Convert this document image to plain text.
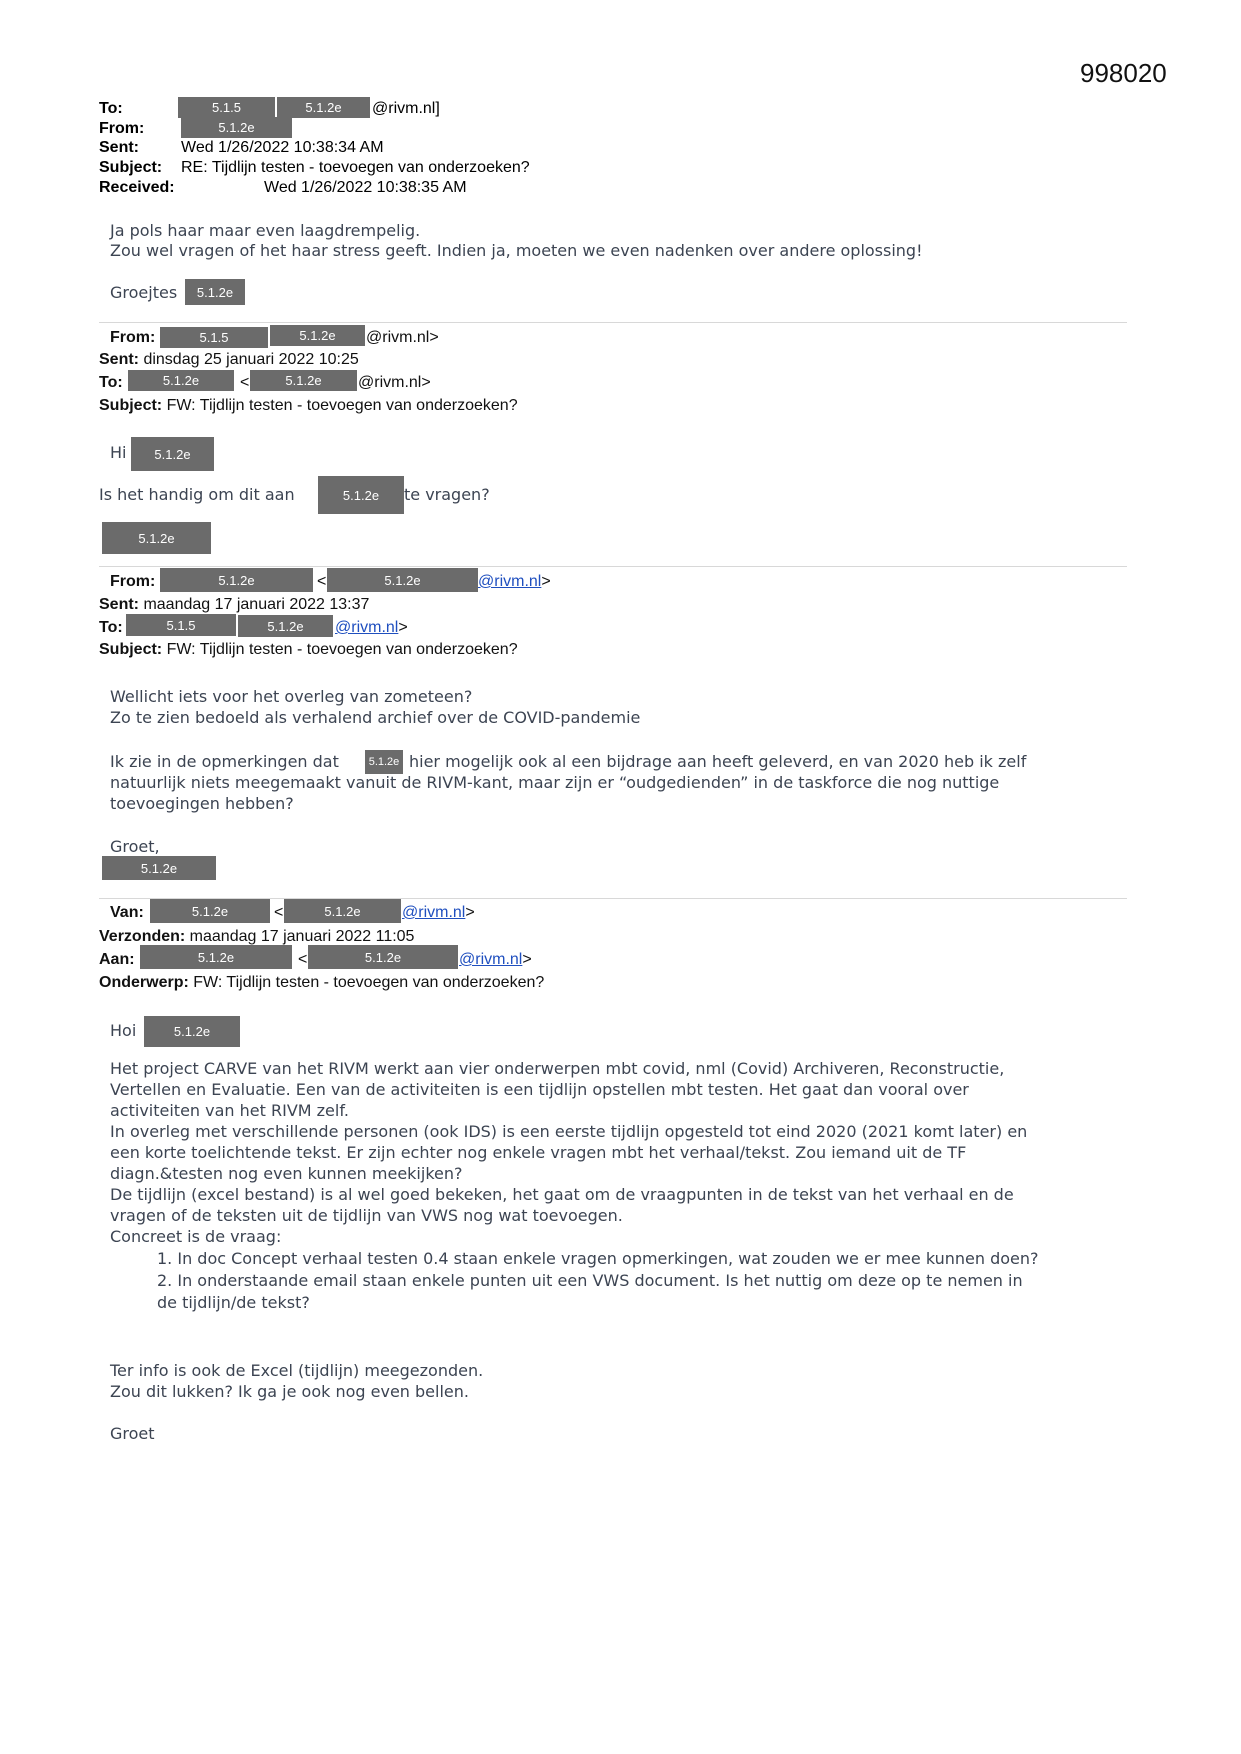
998020
To:	5.1.5	5.1.2e	@rivm.nl]
From:	5.1.2e
Sent:	Wed 1/26/2022 10:38:34 AM
Subject: RE: Tijdlijn testen - toevoegen van onderzoeken?
Received:	Wed 1/26/2022 10:38:35 AM
Ja pols haar maar even laagdrempelig.
Zou wel vragen of het haar stress geeft. Indien ja, moeten we even nadenken over andere oplossing!
Groejtes	5.1.2e
From:	5.1.5	5.1.2e	@rivm.nl>
Sent: dinsdag 25 januari 2022 10:25
To:	5.1.2e	<	5.1.2e	@rivm.nl>
Subject: FW: Tijdlijn testen - toevoegen van onderzoeken?
Hi	5.1.2e
Is het handig om dit aan	5.1.2e	te vragen?
5.1.2e
From:	5.1.2e	<	5.1.2e	@rivm.nl>
Sent: maandag 17 januari 2022 13:37
To:	5.1.5	5.1.2e	@rivm.nl>
Subject: FW: Tijdlijn testen - toevoegen van onderzoeken?
Wellicht iets voor het overleg van zometeen?
Zo te zien bedoeld als verhalend archief over de COVID-pandemie
Ik zie in de opmerkingen dat	5.1.2e hier mogelijk ook al een bijdrage aan heeft geleverd, en van 2020 heb ik zelf
natuurlijk niets meegemaakt vanuit de RIVM-kant, maar zijn er “oudgedienden” in de taskforce die nog nuttige
toevoegingen hebben?
Groet,
5.1.2e
Van:	5.1.2e	<	5.1.2e	@rivm.nl>
Verzonden: maandag 17 januari 2022 11:05
Aan:	5.1.2e	<	5.1.2e	@rivm.nl>
Onderwerp: FW: Tijdlijn testen - toevoegen van onderzoeken?
Hoi	5.1.2e
Het project CARVE van het RIVM werkt aan vier onderwerpen mbt covid, nml (Covid) Archiveren, Reconstructie,
Vertellen en Evaluatie. Een van de activiteiten is een tijdlijn opstellen mbt testen. Het gaat dan vooral over
activiteiten van het RIVM zelf.
In overleg met verschillende personen (ook IDS) is een eerste tijdlijn opgesteld tot eind 2020 (2021 komt later) en
een korte toelichtende tekst. Er zijn echter nog enkele vragen mbt het verhaal/tekst. Zou iemand uit de TF
diagn.&testen nog even kunnen meekijken?
De tijdlijn (excel bestand) is al wel goed bekeken, het gaat om de vraagpunten in de tekst van het verhaal en de
vragen of de teksten uit de tijdlijn van VWS nog wat toevoegen.
Concreet is de vraag:
1. In doc Concept verhaal testen 0.4 staan enkele vragen opmerkingen, wat zouden we er mee kunnen doen?
2. In onderstaande email staan enkele punten uit een VWS document. Is het nuttig om deze op te nemen in
de tijdlijn/de tekst?
Ter info is ook de Excel (tijdlijn) meegezonden.
Zou dit lukken? Ik ga je ook nog even bellen.
Groet
